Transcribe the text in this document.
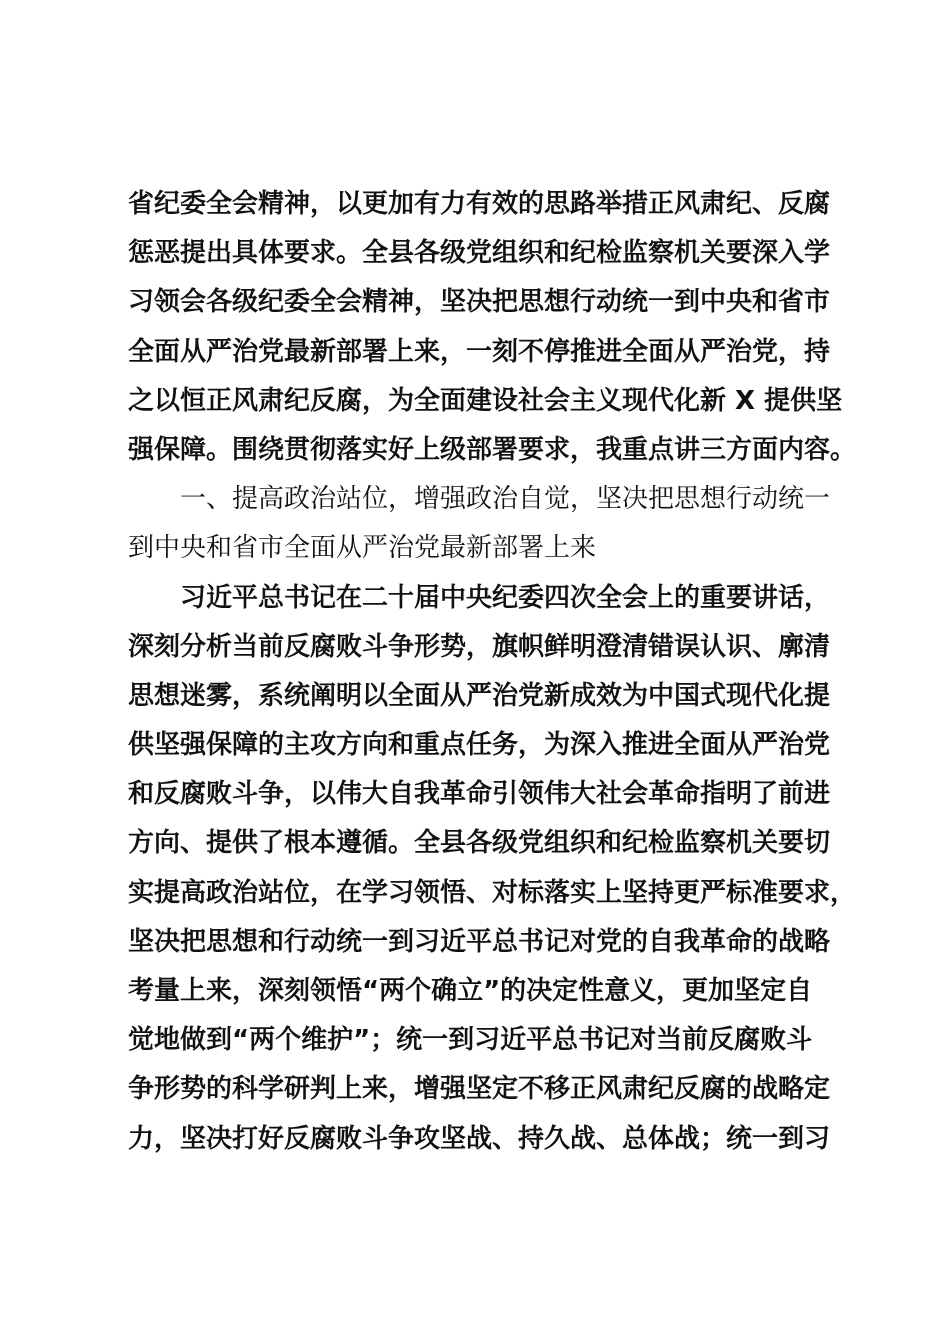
省纪委全会精神，以更加有力有效的思路举措正风肃纪、反腐
惩恶提出具体要求。全县各级党组织和纪检监察机关要深入学
习领会各级纪委全会精神，坚决把思想行动统一到中央和省市
全面从严治党最新部署上来，一刻不停推进全面从严治党，持
之以恒正风肃纪反腐，为全面建设社会主义现代化新 X 提供坚
强保障。围绕贯彻落实好上级部署要求，我重点讲三方面内容。
一、提高政治站位，增强政治自觉，坚决把思想行动统一
到中央和省市全面从严治党最新部署上来
习近平总书记在二十届中央纪委四次全会上的重要讲话，
深刻分析当前反腐败斗争形势，旗帜鲜明澄清错误认识、廓清
思想迷雾，系统阐明以全面从严治党新成效为中国式现代化提
供坚强保障的主攻方向和重点任务，为深入推进全面从严治党
和反腐败斗争，以伟大自我革命引领伟大社会革命指明了前进
方向、提供了根本遵循。全县各级党组织和纪检监察机关要切
实提高政治站位，在学习领悟、对标落实上坚持更严标准要求，
坚决把思想和行动统一到习近平总书记对党的自我革命的战略
考量上来，深刻领悟“两个确立”的决定性意义，更加坚定自
觉地做到“两个维护”；统一到习近平总书记对当前反腐败斗
争形势的科学研判上来，增强坚定不移正风肃纪反腐的战略定
力，坚决打好反腐败斗争攻坚战、持久战、总体战；统一到习
